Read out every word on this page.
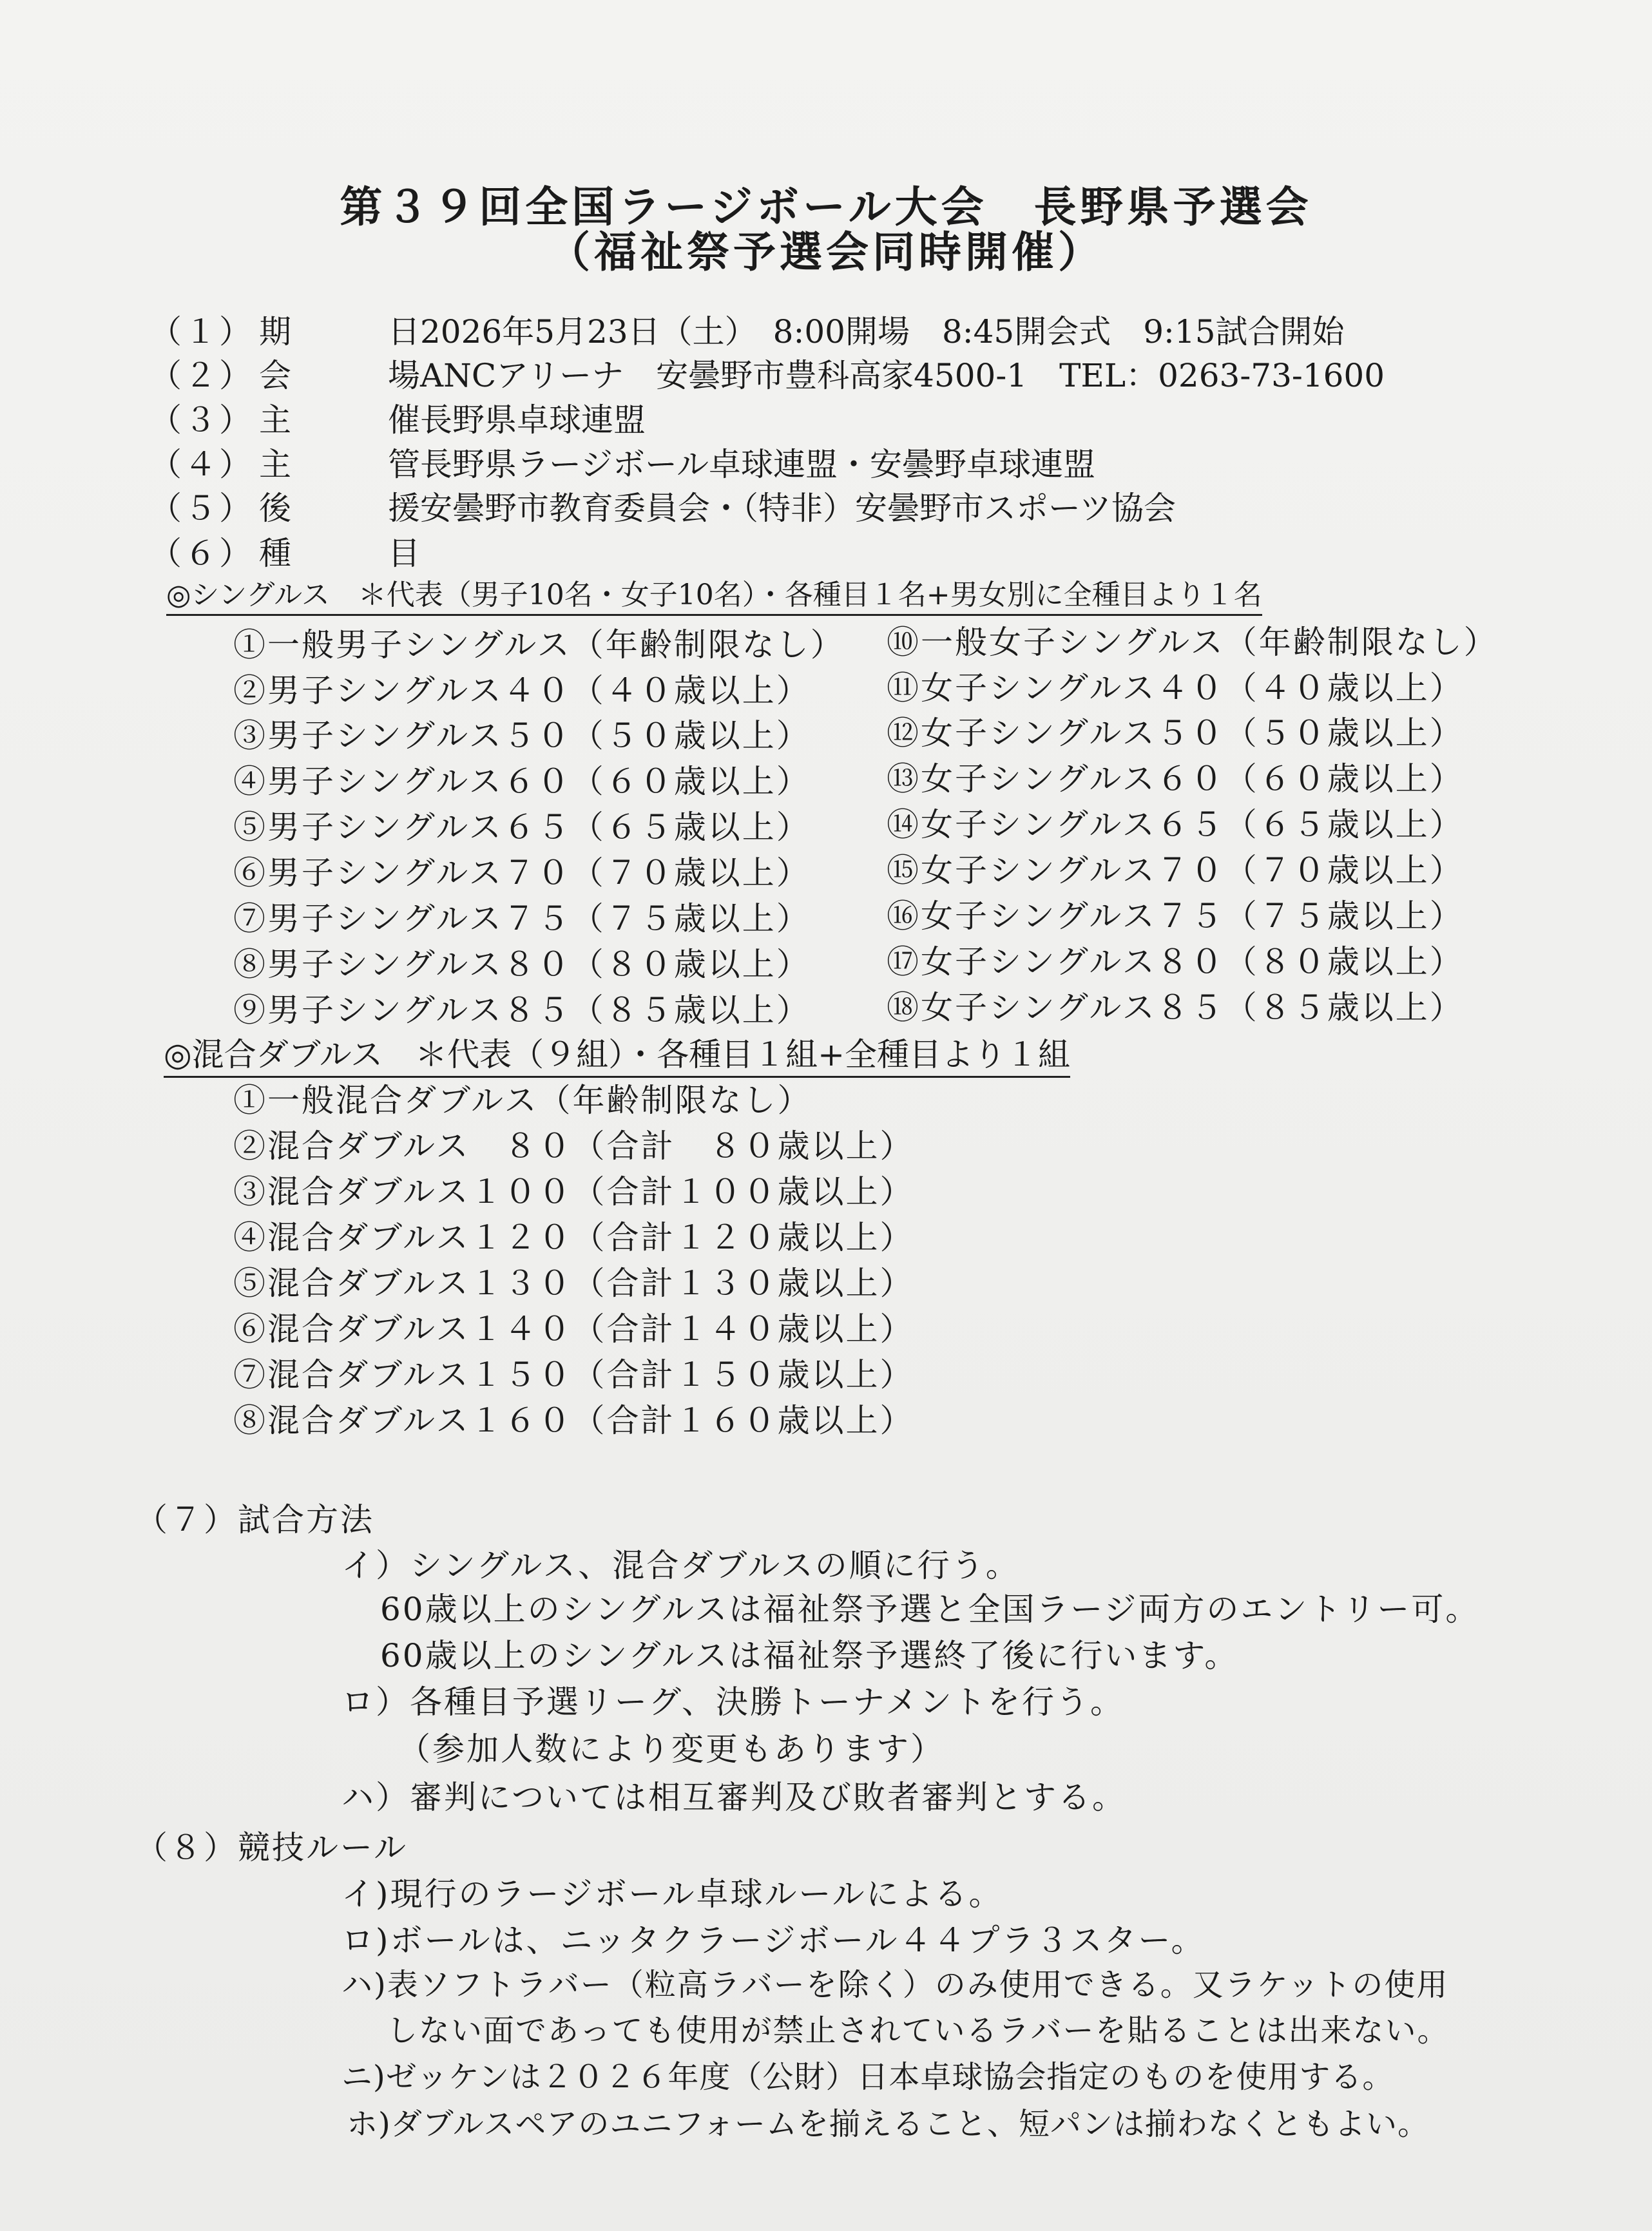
第３９回全国ラージボール大会　長野県予選会
（福祉祭予選会同時開催）
（１） 期　日
2026年5月23日（土）　8:00開場　8:45開会式　9:15試合開始
（２） 会　場
ANCアリーナ　安曇野市豊科高家4500-1　TEL：0263-73-1600
（３） 主　催
長野県卓球連盟
（４） 主　管
長野県ラージボール卓球連盟・安曇野卓球連盟
（５） 後　援
安曇野市教育委員会・（特非）安曇野市スポーツ協会
（６） 種　目
◎シングルス　＊代表（男子10名・女子10名）・各種目１名+男女別に全種目より１名
①一般男子シングルス（年齢制限なし）
②男子シングルス４０（４０歳以上）
③男子シングルス５０（５０歳以上）
④男子シングルス６０（６０歳以上）
⑤男子シングルス６５（６５歳以上）
⑥男子シングルス７０（７０歳以上）
⑦男子シングルス７５（７５歳以上）
⑧男子シングルス８０（８０歳以上）
⑨男子シングルス８５（８５歳以上）
⑩一般女子シングルス（年齢制限なし）
⑪女子シングルス４０（４０歳以上）
⑫女子シングルス５０（５０歳以上）
⑬女子シングルス６０（６０歳以上）
⑭女子シングルス６５（６５歳以上）
⑮女子シングルス７０（７０歳以上）
⑯女子シングルス７５（７５歳以上）
⑰女子シングルス８０（８０歳以上）
⑱女子シングルス８５（８５歳以上）
◎混合ダブルス　＊代表（９組）・各種目１組+全種目より１組
①一般混合ダブルス（年齢制限なし）
②混合ダブルス　８０（合計　８０歳以上）
③混合ダブルス１００（合計１００歳以上）
④混合ダブルス１２０（合計１２０歳以上）
⑤混合ダブルス１３０（合計１３０歳以上）
⑥混合ダブルス１４０（合計１４０歳以上）
⑦混合ダブルス１５０（合計１５０歳以上）
⑧混合ダブルス１６０（合計１６０歳以上）
（７）試合方法
イ）シングルス、混合ダブルスの順に行う。
60歳以上のシングルスは福祉祭予選と全国ラージ両方のエントリー可。
60歳以上のシングルスは福祉祭予選終了後に行います。
ロ）各種目予選リーグ、決勝トーナメントを行う。
（参加人数により変更もあります）
ハ）審判については相互審判及び敗者審判とする。
（８）競技ルール
イ)現行のラージボール卓球ルールによる。
ロ)ボールは、ニッタクラージボール４４プラ３スター。
ハ)表ソフトラバー（粒高ラバーを除く）のみ使用できる。又ラケットの使用
しない面であっても使用が禁止されているラバーを貼ることは出来ない。
ニ)ゼッケンは２０２６年度（公財）日本卓球協会指定のものを使用する。
ホ)ダブルスペアのユニフォームを揃えること、短パンは揃わなくともよい。
